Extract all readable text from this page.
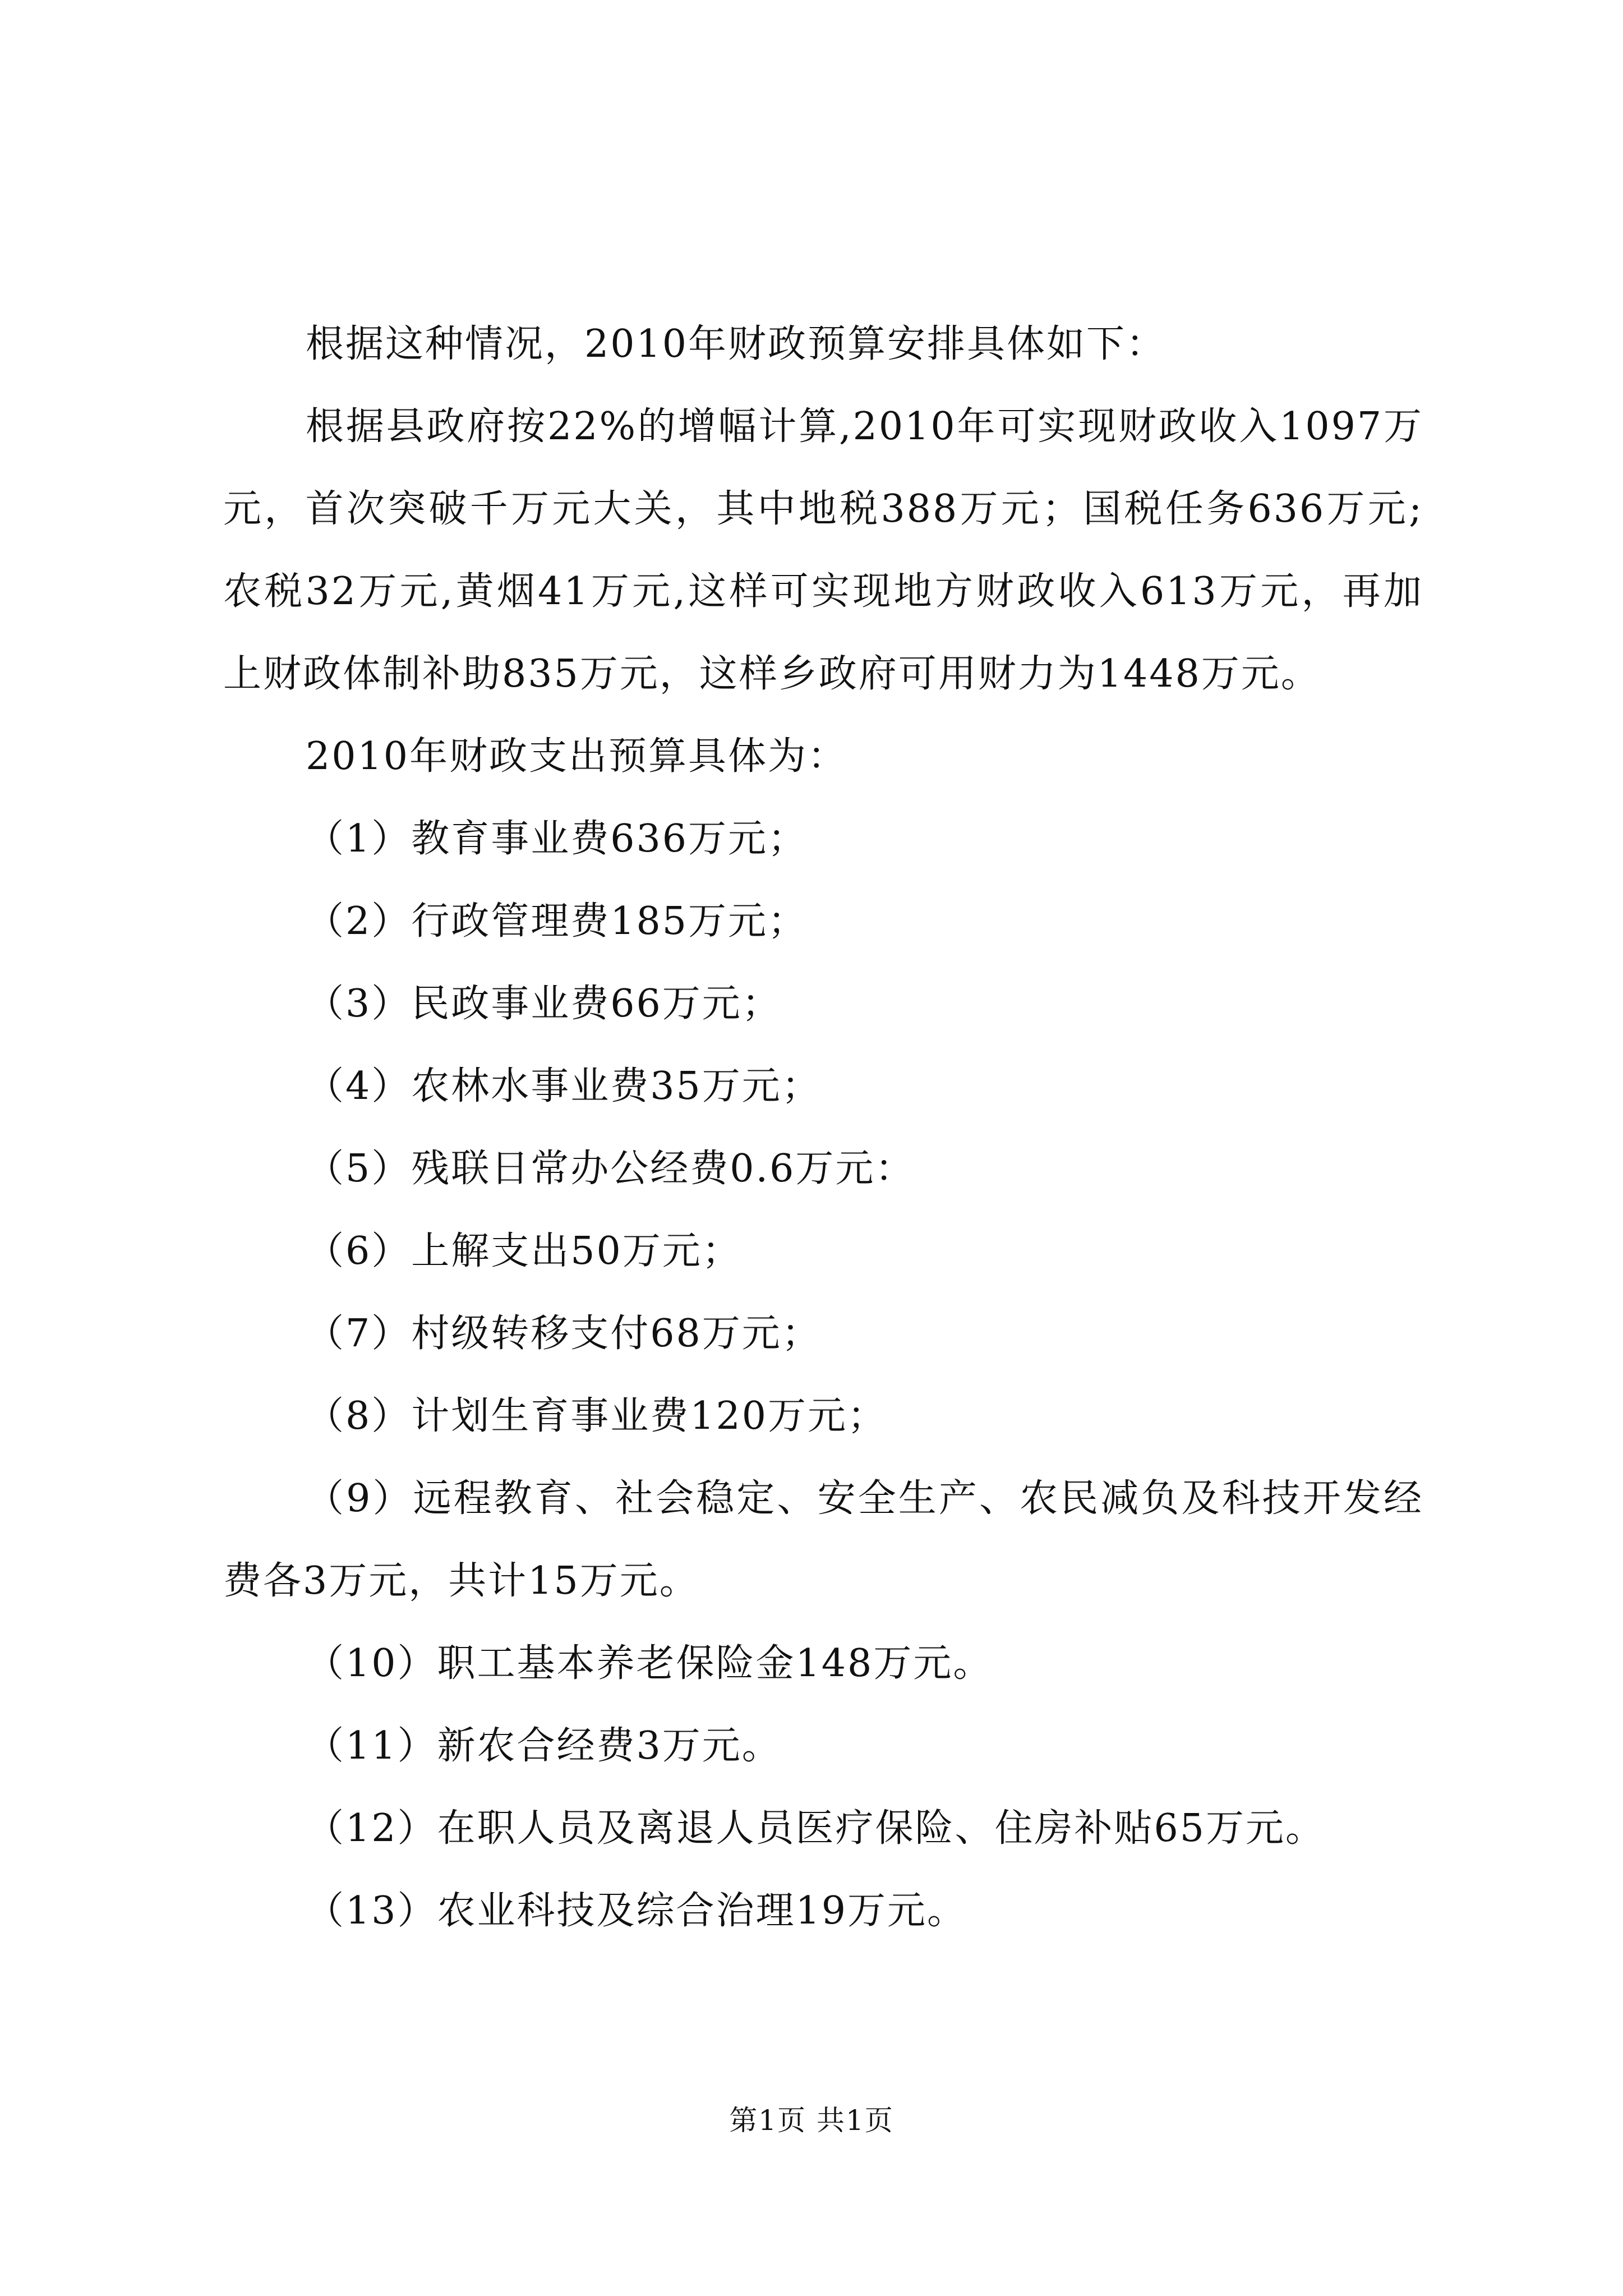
根据这种情况，2010年财政预算安排具体如下：

根据县政府按22%的增幅计算,2010年可实现财政收入1097万元，首次突破千万元大关，其中地税388万元；国税任务636万元;农税32万元,黄烟41万元,这样可实现地方财政收入613万元，再加上财政体制补助835万元，这样乡政府可用财力为1448万元。

2010年财政支出预算具体为：

（1）教育事业费636万元；

（2）行政管理费185万元；

（3）民政事业费66万元；

（4）农林水事业费35万元；

（5）残联日常办公经费0.6万元：

（6）上解支出50万元；

（7）村级转移支付68万元；

（8）计划生育事业费120万元；

（9）远程教育、社会稳定、安全生产、农民减负及科技开发经费各3万元，共计15万元。

（10）职工基本养老保险金148万元。

（11）新农合经费3万元。

（12）在职人员及离退人员医疗保险、住房补贴65万元。

（13）农业科技及综合治理19万元。

第1页 共1页
